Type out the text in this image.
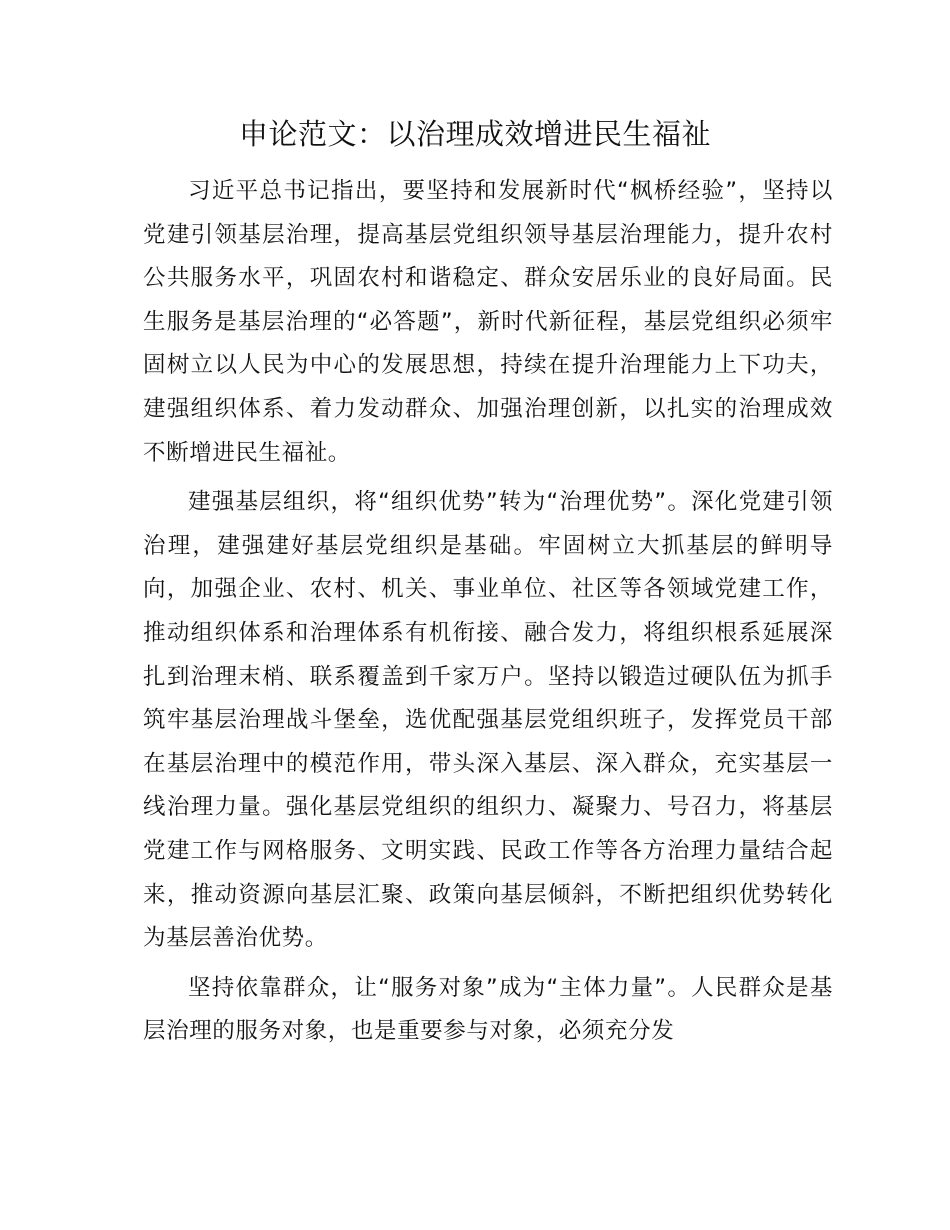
申论范文：以治理成效增进民生福祉

习近平总书记指出，要坚持和发展新时代“枫桥经验”，坚持以党建引领基层治理，提高基层党组织领导基层治理能力，提升农村公共服务水平，巩固农村和谐稳定、群众安居乐业的良好局面。民生服务是基层治理的“必答题”，新时代新征程，基层党组织必须牢固树立以人民为中心的发展思想，持续在提升治理能力上下功夫，建强组织体系、着力发动群众、加强治理创新，以扎实的治理成效不断增进民生福祉。

建强基层组织，将“组织优势”转为“治理优势”。深化党建引领治理，建强建好基层党组织是基础。牢固树立大抓基层的鲜明导向，加强企业、农村、机关、事业单位、社区等各领域党建工作，推动组织体系和治理体系有机衔接、融合发力，将组织根系延展深扎到治理末梢、联系覆盖到千家万户。坚持以锻造过硬队伍为抓手筑牢基层治理战斗堡垒，选优配强基层党组织班子，发挥党员干部在基层治理中的模范作用，带头深入基层、深入群众，充实基层一线治理力量。强化基层党组织的组织力、凝聚力、号召力，将基层党建工作与网格服务、文明实践、民政工作等各方治理力量结合起来，推动资源向基层汇聚、政策向基层倾斜，不断把组织优势转化为基层善治优势。

坚持依靠群众，让“服务对象”成为“主体力量”。人民群众是基层治理的服务对象，也是重要参与对象，必须充分发
